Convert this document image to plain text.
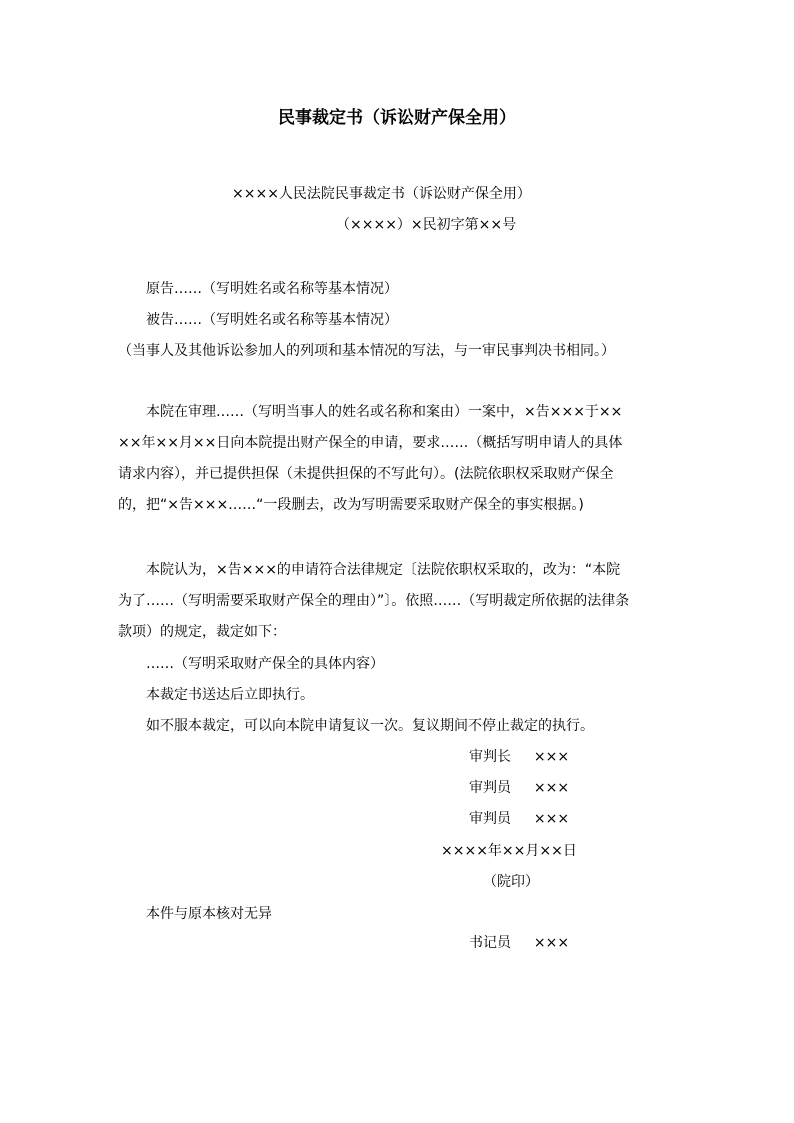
民事裁定书（诉讼财产保全用）
××××人民法院民事裁定书（诉讼财产保全用）
（××××）×民初字第××号
原告……（写明姓名或名称等基本情况）
被告……（写明姓名或名称等基本情况）
（当事人及其他诉讼参加人的列项和基本情况的写法，与一审民事判决书相同。）
本院在审理……（写明当事人的姓名或名称和案由）一案中，×告×××于××××年××月××日向本院提出财产保全的申请，要求……（概括写明申请人的具体请求内容），并已提供担保（未提供担保的不写此句）。(法院依职权采取财产保全的，把“×告×××……“一段删去，改为写明需要采取财产保全的事实根据。)
本院认为，×告×××的申请符合法律规定〔法院依职权采取的，改为：“本院为了……（写明需要采取财产保全的理由）”〕。依照……（写明裁定所依据的法律条款项）的规定，裁定如下：
……（写明采取财产保全的具体内容）
本裁定书送达后立即执行。
如不服本裁定，可以向本院申请复议一次。复议期间不停止裁定的执行。
审判长 ×××
审判员 ×××
审判员 ×××
××××年××月××日
（院印）
本件与原本核对无异
书记员 ×××
